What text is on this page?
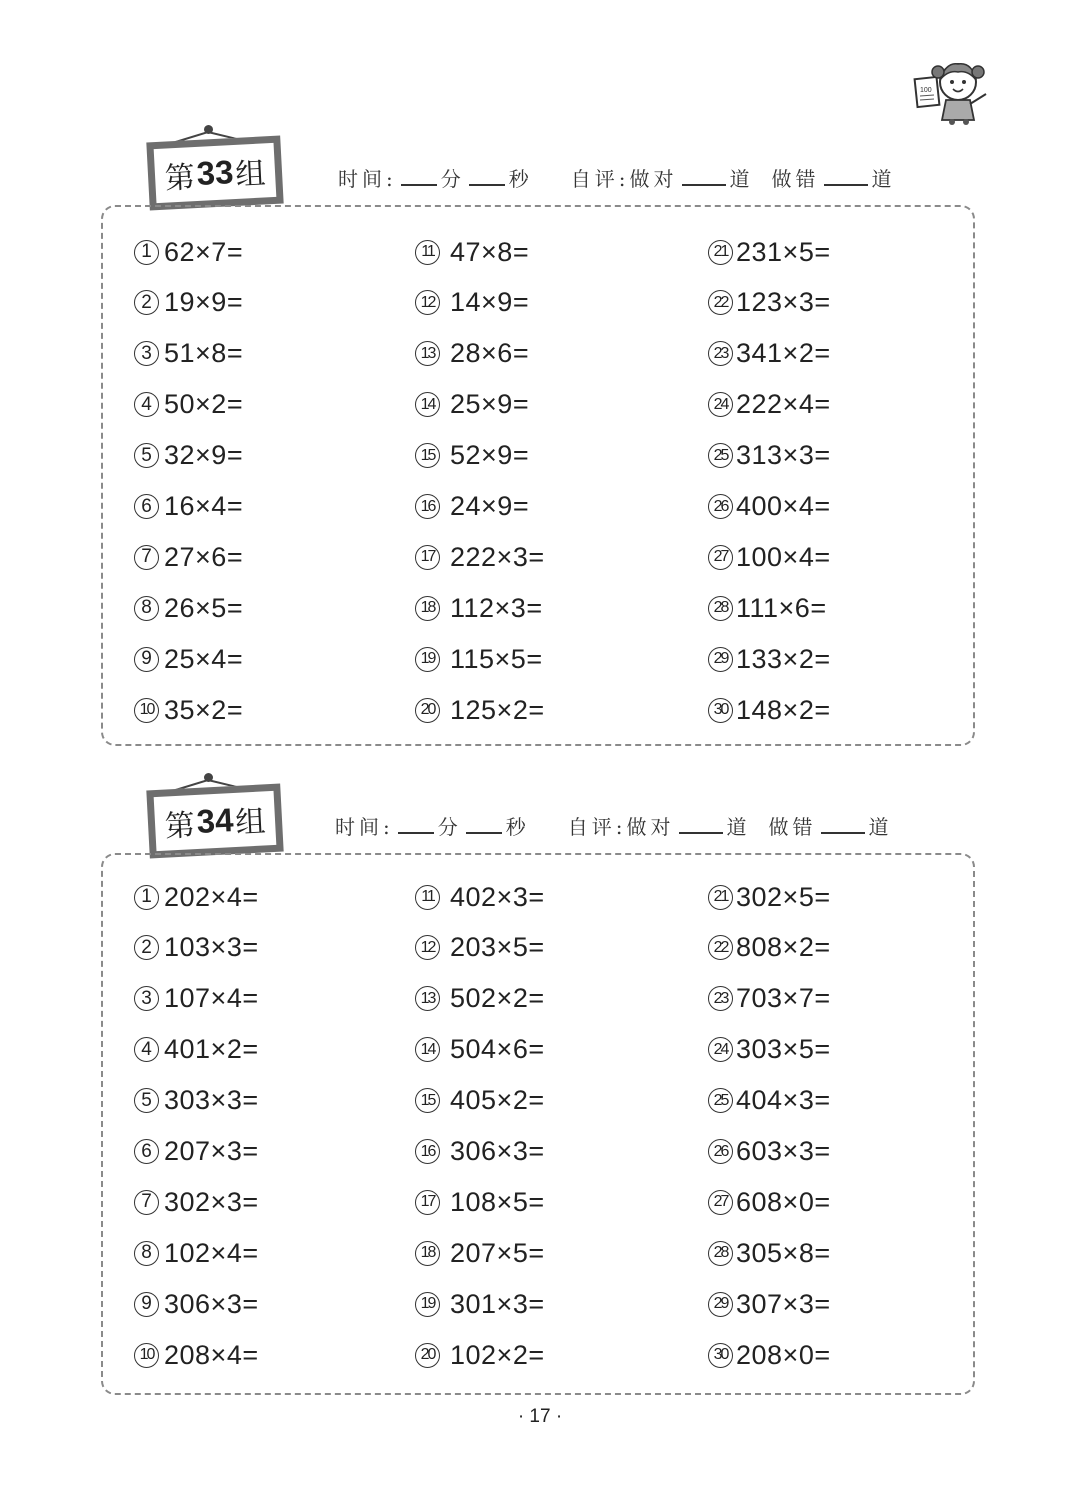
100
第 33 组	时间: 分 秒 自评:做对	道 做错	道
1 62×7=
2 19×9=
3 51×8=
4 50×2=
5 32×9=
6 16×4=
7 27×6=
8 26×5=
9 25×4=
10 35×2=
11 47×8=
12 14×9=
13 28×6=
14 25×9=
15 52×9=
16 24×9=
17 222×3=
18 112×3=
19 115×5=
20 125×2=
21 231×5=
22 123×3=
23 341×2=
24 222×4=
25 313×3=
26 400×4=
27 100×4=
28 111×6=
29 133×2=
30 148×2=
第 34 组	时间: 分 秒 自评:做对	道 做错	道
1 202×4=
2 103×3=
3 107×4=
4 401×2=
5 303×3=
6 207×3=
7 302×3=
8 102×4=
9 306×3=
10 208×4=
11 402×3=
12 203×5=
13 502×2=
14 504×6=
15 405×2=
16 306×3=
17 108×5=
18 207×5=
19 301×3=
20 102×2=
21 302×5=
22 808×2=
23 703×7=
24 303×5=
25 404×3=
26 603×3=
27 608×0=
28 305×8=
29 307×3=
30 208×0=
· 17 ·
